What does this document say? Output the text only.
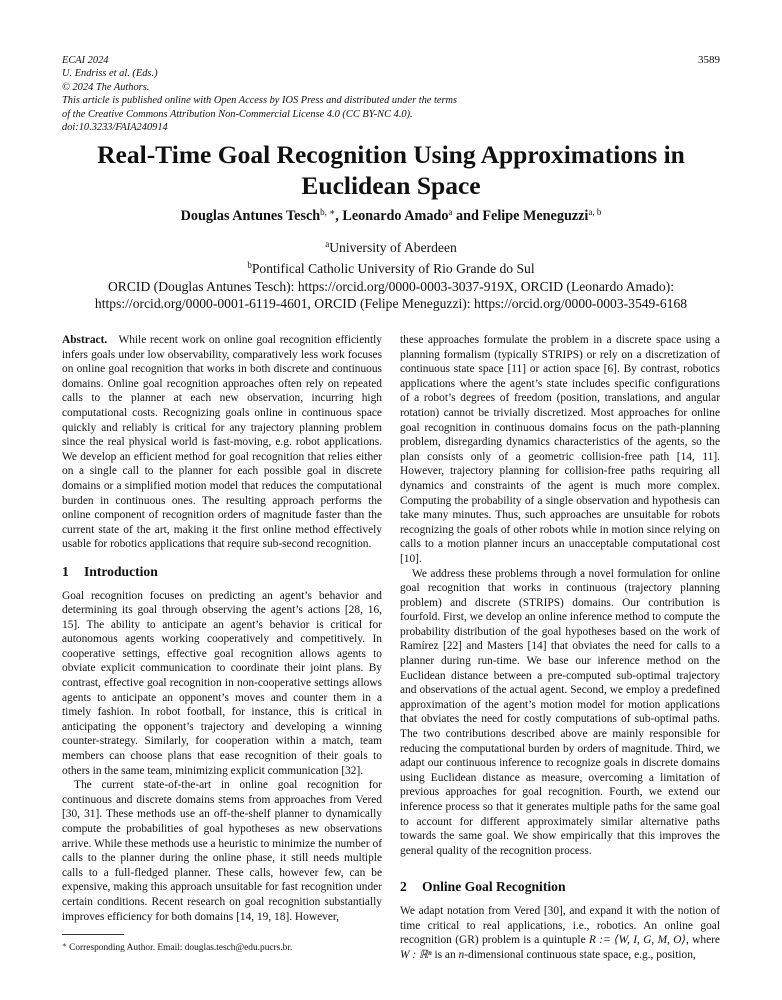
ECAI 2024
U. Endriss et al. (Eds.)
© 2024 The Authors.
This article is published online with Open Access by IOS Press and distributed under the terms
of the Creative Commons Attribution Non-Commercial License 4.0 (CC BY-NC 4.0).
doi:10.3233/FAIA240914
3589
Real-Time Goal Recognition Using Approximations in
Euclidean Space
Douglas Antunes Tesch$^{b, ∗}$, Leonardo Amado$^a$ and Felipe Meneguzzi$^{a, b}$
$^a$University of Aberdeen
$^b$Pontifical Catholic University of Rio Grande do Sul
ORCID (Douglas Antunes Tesch): https://orcid.org/0000-0003-3037-919X, ORCID (Leonardo Amado):
https://orcid.org/0000-0001-6119-4601, ORCID (Felipe Meneguzzi): https://orcid.org/0000-0003-3549-6168

Abstract. While recent work on online goal recognition efficiently infers goals under low observability, comparatively less work focuses on online goal recognition that works in both discrete and continuous domains. Online goal recognition approaches often rely on repeated calls to the planner at each new observation, incurring high computational costs. Recognizing goals online in continuous space quickly and reliably is critical for any trajectory planning problem since the real physical world is fast-moving, e.g. robot applications. We develop an efficient method for goal recognition that relies either on a single call to the planner for each possible goal in discrete domains or a simplified motion model that reduces the computational burden in continuous ones. The resulting approach performs the online component of recognition orders of magnitude faster than the current state of the art, making it the first online method effectively usable for robotics applications that require sub-second recognition.

1 Introduction

Goal recognition focuses on predicting an agent’s behavior and determining its goal through observing the agent’s actions [28, 16, 15]. The ability to anticipate an agent’s behavior is critical for autonomous agents working cooperatively and competitively. In cooperative settings, effective goal recognition allows agents to obviate explicit communication to coordinate their joint plans. By contrast, effective goal recognition in non-cooperative settings allows agents to anticipate an opponent’s moves and counter them in a timely fashion. In robot football, for instance, this is critical in anticipating the opponent’s trajectory and developing a winning counter-strategy. Similarly, for cooperation within a match, team members can choose plans that ease recognition of their goals to others in the same team, minimizing explicit communication [32].

The current state-of-the-art in online goal recognition for continuous and discrete domains stems from approaches from Vered [30, 31]. These methods use an off-the-shelf planner to dynamically compute the probabilities of goal hypotheses as new observations arrive. While these methods use a heuristic to minimize the number of calls to the planner during the online phase, it still needs multiple calls to a full-fledged planner. These calls, however few, can be expensive, making this approach unsuitable for fast recognition under certain conditions. Recent research on goal recognition substantially improves efficiency for both domains [14, 19, 18]. However,

these approaches formulate the problem in a discrete space using a planning formalism (typically STRIPS) or rely on a discretization of continuous state space [11] or action space [6]. By contrast, robotics applications where the agent’s state includes specific configurations of a robot’s degrees of freedom (position, translations, and angular rotation) cannot be trivially discretized. Most approaches for online goal recognition in continuous domains focus on the path-planning problem, disregarding dynamics characteristics of the agents, so the plan consists only of a geometric collision-free path [14, 11]. However, trajectory planning for collision-free paths requiring all dynamics and constraints of the agent is much more complex. Computing the probability of a single observation and hypothesis can take many minutes. Thus, such approaches are unsuitable for robots recognizing the goals of other robots while in motion since relying on calls to a motion planner incurs an unacceptable computational cost [10].

We address these problems through a novel formulation for online goal recognition that works in continuous (trajectory planning problem) and discrete (STRIPS) domains. Our contribution is fourfold. First, we develop an online inference method to compute the probability distribution of the goal hypotheses based on the work of Ramírez [22] and Masters [14] that obviates the need for calls to a planner during run-time. We base our inference method on the Euclidean distance between a pre-computed sub-optimal trajectory and observations of the actual agent. Second, we employ a predefined approximation of the agent’s motion model for motion applications that obviates the need for costly computations of sub-optimal paths. The two contributions described above are mainly responsible for reducing the computational burden by orders of magnitude. Third, we adapt our continuous inference to recognize goals in discrete domains using Euclidean distance as measure, overcoming a limitation of previous approaches for goal recognition. Fourth, we extend our inference process so that it generates multiple paths for the same goal to account for different approximately similar alternative paths towards the same goal. We show empirically that this improves the general quality of the recognition process.

2 Online Goal Recognition

We adapt notation from Vered [30], and expand it with the notion of time critical to real applications, i.e., robotics. An online goal recognition (GR) problem is a quintuple R := ⟨W, I, G, M, O⟩, where W : ℝⁿ is an n-dimensional continuous state space, e.g., position,

∗ Corresponding Author. Email: douglas.tesch@edu.pucrs.br.
